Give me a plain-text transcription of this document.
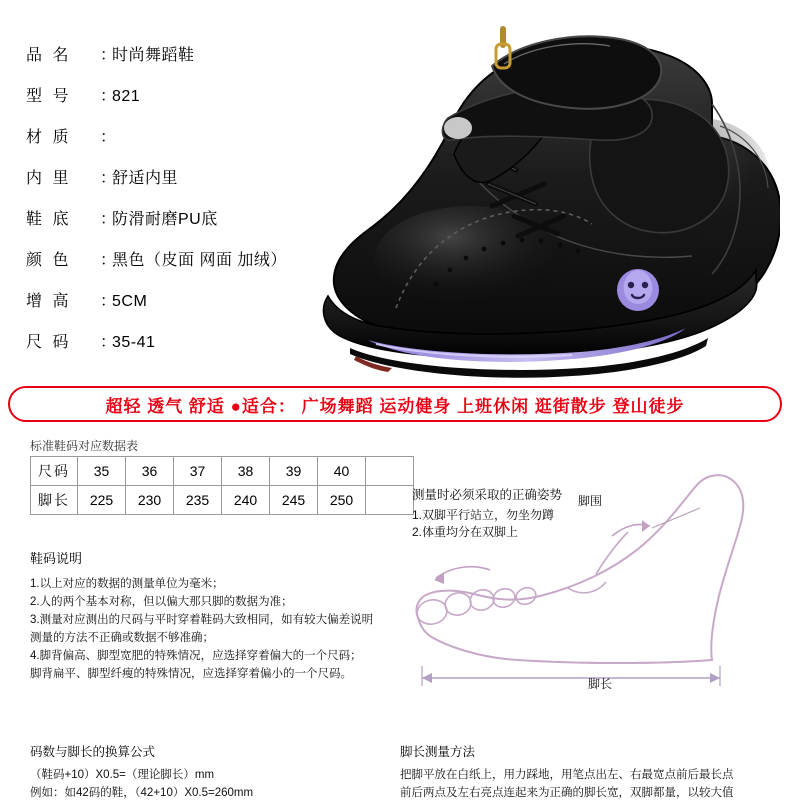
品 名	：
时尚舞蹈鞋
型 号	：
821
材 质	：
内 里	：
舒适内里
鞋 底	：
防滑耐磨PU底
颜 色	：
黑色（皮面 网面 加绒）
增 高	：
5CM
尺 码	：
35-41
超轻 透气 舒适 ●适合： 广场舞蹈 运动健身 上班休闲 逛街散步 登山徒步
标准鞋码对应数据表
尺码	35	36	37	38	39	40	
脚长	225	230	235	240	245	250	
鞋码说明
1.以上对应的数据的测量单位为毫米；
2.人的两个基本对称，但以偏大那只脚的数据为准；
3.测量对应测出的尺码与平时穿着鞋码大致相同，如有较大偏差说明
测量的方法不正确或数据不够准确；
4.脚背偏高、脚型宽肥的特殊情况，应选择穿着偏大的一个尺码；
脚背扁平、脚型纤瘦的特殊情况，应选择穿着偏小的一个尺码。
脚围
脚长
测量时必须采取的正确姿势
1.双脚平行站立，勿坐勿蹲
2.体重均分在双脚上
码数与脚长的换算公式
（鞋码+10）X0.5=（理论脚长）mm
例如：如42码的鞋，（42+10）X0.5=260mm
脚长测量方法
把脚平放在白纸上，用力踩地，用笔点出左、右最宽点前后最长点
前后两点及左右亮点连起来为正确的脚长宽，双脚都量，以较大值
